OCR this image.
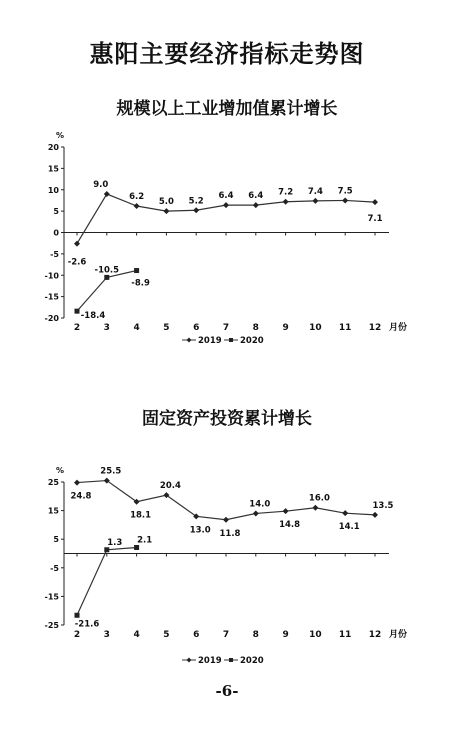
惠阳主要经济指标走势图
规模以上工业增加值累计增长
%
-20
-15
-10
-5
0
5
10
15
20
2	3	4	5	6	7	8	9 10 11 12 月份
-2.6
9.0
6.2
5.0 5.2
6.4 6.4 7.2 7.4 7.5
7.1
-18.4
-10.5
-8.9
2019 2020
固定资产投资累计增长
%
-25
-15
-5
5
15
25
2	3	4	5	6	7	8	9 10 11 12 月份
24.8
25.5
18.1
20.4
13.0 11.8
14.0
14.8
16.0
14.1
13.5
-21.6
1.3 2.1
2019 2020
-6-
